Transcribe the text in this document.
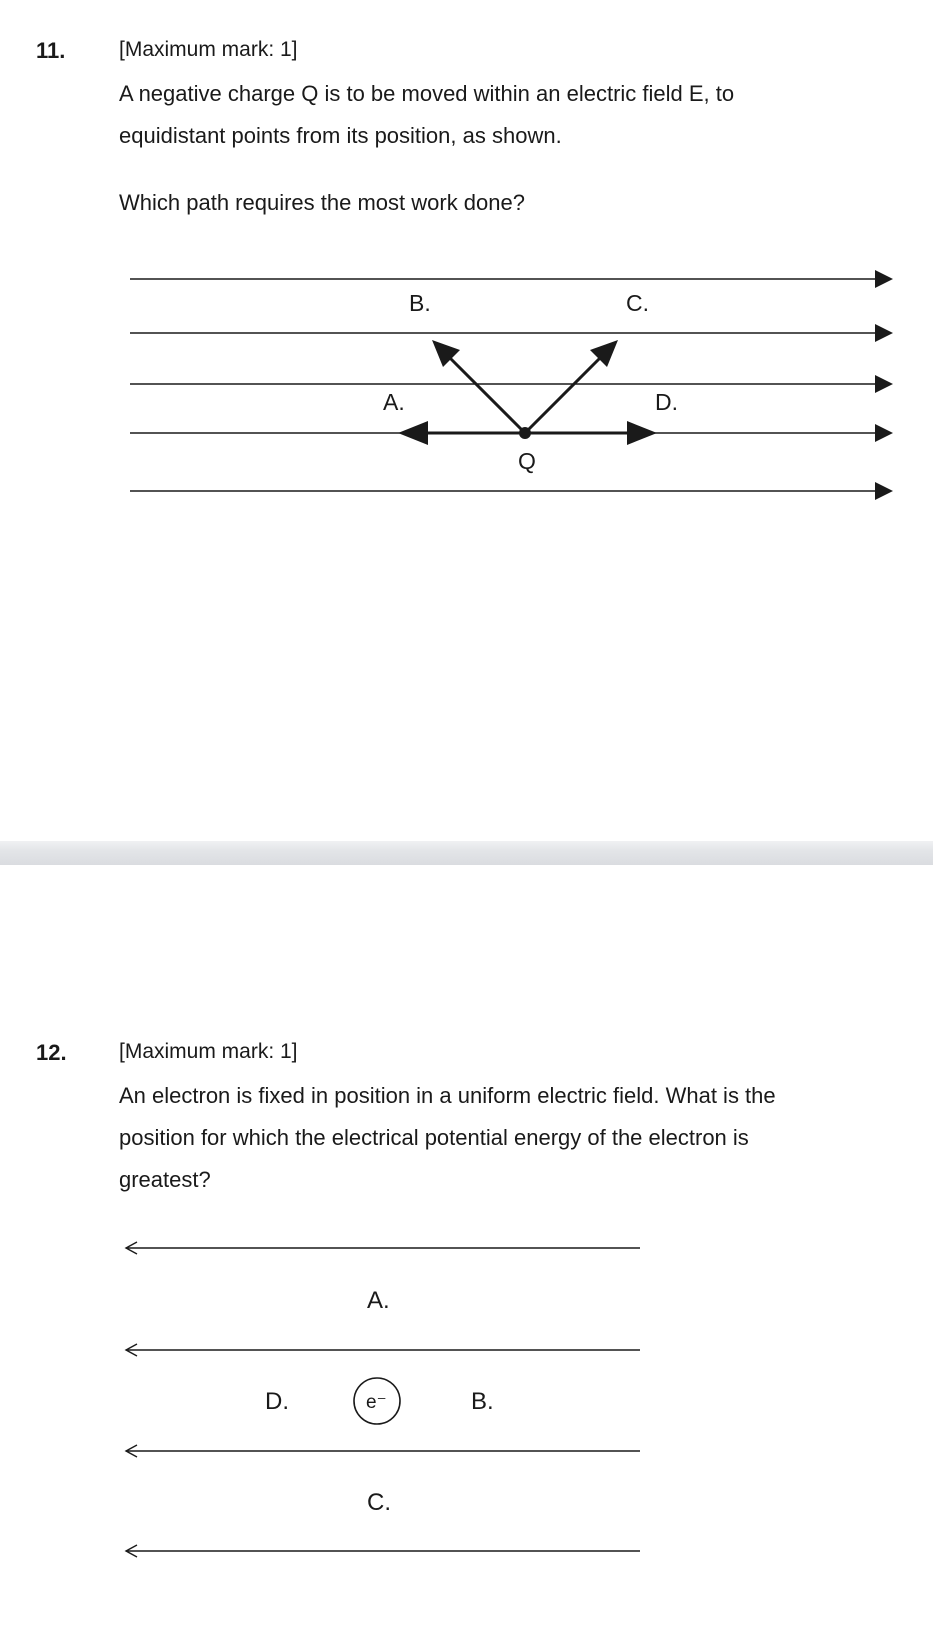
11.	[Maximum mark: 1]
A negative charge Q is to be moved within an electric field E, to
equidistant points from its position, as shown.
Which path requires the most work done?
B.	C.
A.	D.
Q
12. [Maximum mark: 1]
An electron is fixed in position in a uniform electric field. What is the
position for which the electrical potential energy of the electron is
greatest?
e⁻
A.
D.	B.
C.
